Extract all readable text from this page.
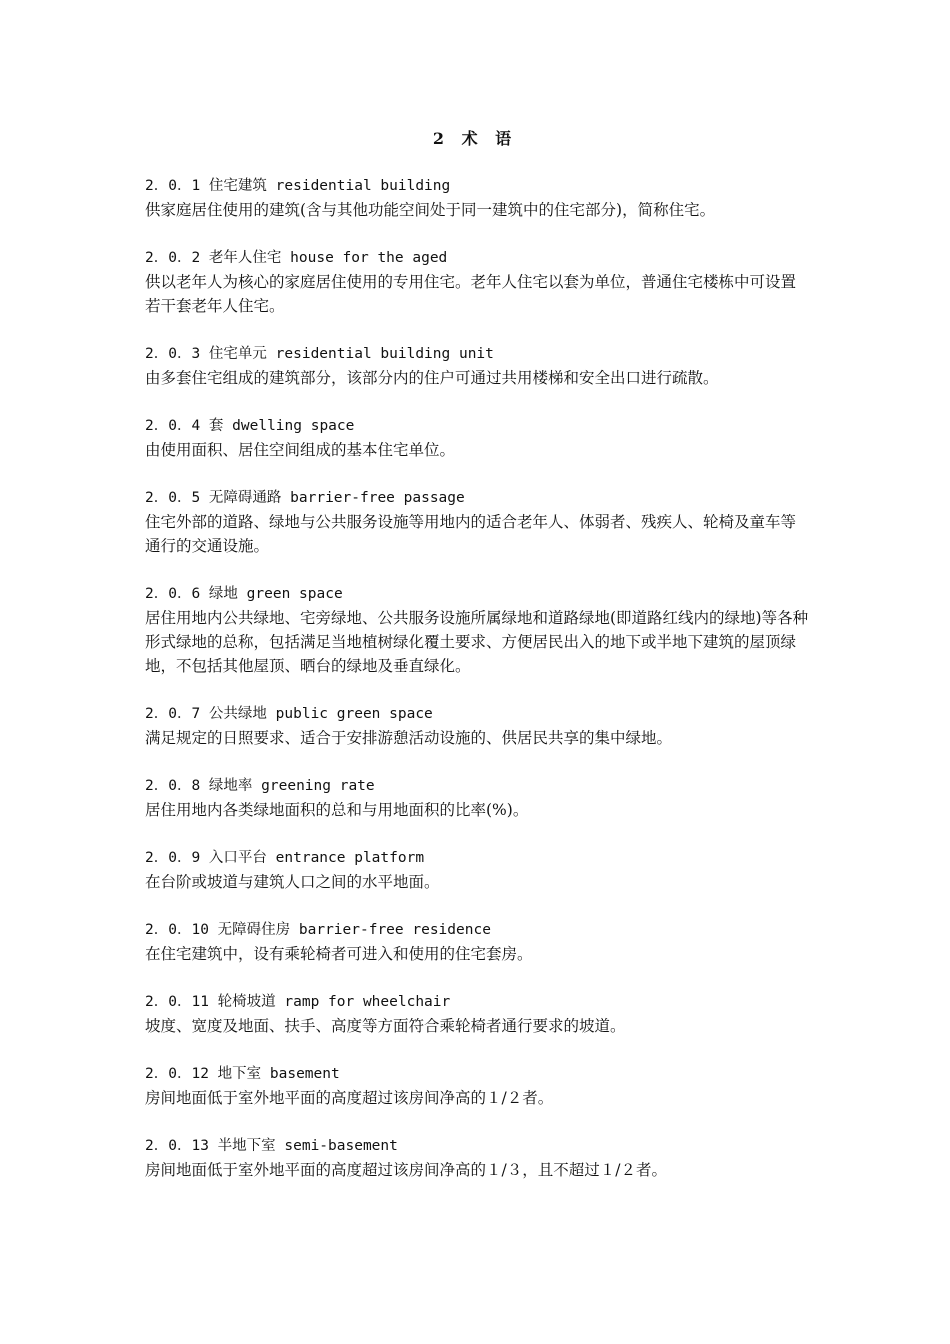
2 术 语
2．0．1 住宅建筑 residential building
供家庭居住使用的建筑(含与其他功能空间处于同一建筑中的住宅部分)，简称住宅。
2．0．2 老年人住宅 house for the aged
供以老年人为核心的家庭居住使用的专用住宅。老年人住宅以套为单位，普通住宅楼栋中可设置若干套老年人住宅。
2．0．3 住宅单元 residential building unit
由多套住宅组成的建筑部分，该部分内的住户可通过共用楼梯和安全出口进行疏散。
2．0．4 套 dwelling space
由使用面积、居住空间组成的基本住宅单位。
2．0．5 无障碍通路 barrier-free passage
住宅外部的道路、绿地与公共服务设施等用地内的适合老年人、体弱者、残疾人、轮椅及童车等通行的交通设施。
2．0．6 绿地 green space
居住用地内公共绿地、宅旁绿地、公共服务设施所属绿地和道路绿地(即道路红线内的绿地)等各种形式绿地的总称，包括满足当地植树绿化覆土要求、方便居民出入的地下或半地下建筑的屋顶绿地，不包括其他屋顶、晒台的绿地及垂直绿化。
2．0．7 公共绿地 public green space
满足规定的日照要求、适合于安排游憩活动设施的、供居民共享的集中绿地。
2．0．8 绿地率 greening rate
居住用地内各类绿地面积的总和与用地面积的比率(%)。
2．0．9 入口平台 entrance platform
在台阶或坡道与建筑人口之间的水平地面。
2．0．10 无障碍住房 barrier-free residence
在住宅建筑中，设有乘轮椅者可进入和使用的住宅套房。
2．0．11 轮椅坡道 ramp for wheelchair
坡度、宽度及地面、扶手、高度等方面符合乘轮椅者通行要求的坡道。
2．0．12 地下室 basement
房间地面低于室外地平面的高度超过该房间净高的１/２者。
2．0．13 半地下室 semi-basement
房间地面低于室外地平面的高度超过该房间净高的１/３，且不超过１/２者。
